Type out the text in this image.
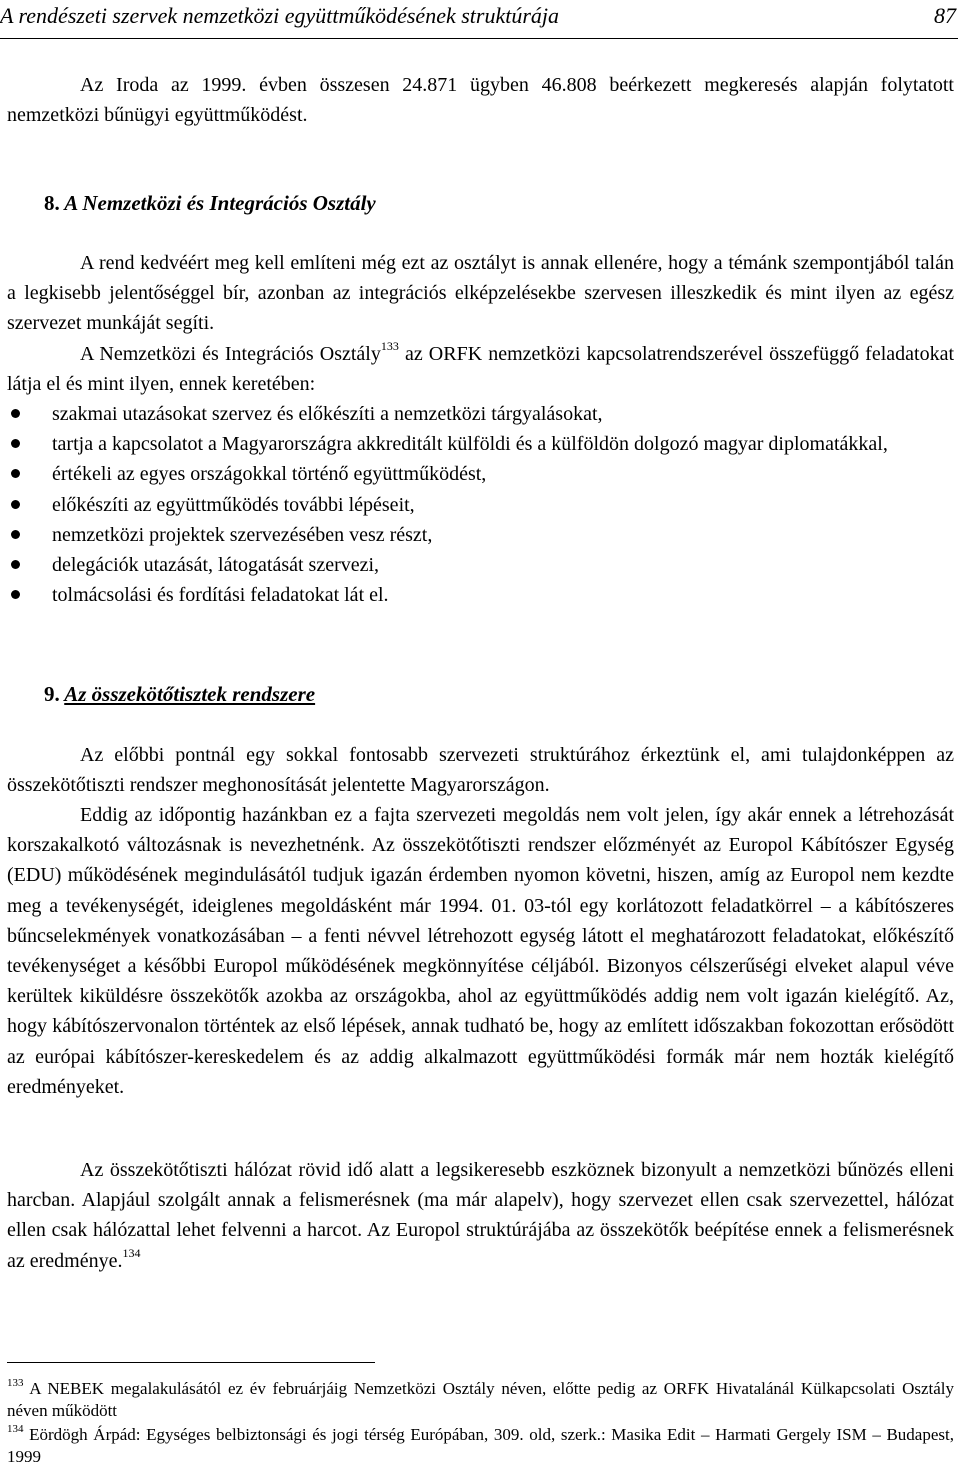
A rendészeti szervek nemzetközi együttműködésének struktúrája	87

Az Iroda az 1999. évben összesen 24.871 ügyben 46.808 beérkezett megkeresés alapján folytatott nemzetközi bűnügyi együttműködést.

8. A Nemzetközi és Integrációs Osztály

A rend kedvéért meg kell említeni még ezt az osztályt is annak ellenére, hogy a témánk szempontjából talán a legkisebb jelentőséggel bír, azonban az integrációs elképzelésekbe szervesen illeszkedik és mint ilyen az egész szervezet munkáját segíti.

A Nemzetközi és Integrációs Osztály$^{133}$ az ORFK nemzetközi kapcsolatrendszerével összefüggő feladatokat látja el és mint ilyen, ennek keretében:

szakmai utazásokat szervez és előkészíti a nemzetközi tárgyalásokat,
tartja a kapcsolatot a Magyarországra akkreditált külföldi és a külföldön dolgozó magyar diplomatákkal,
értékeli az egyes országokkal történő együttműködést,
előkészíti az együttműködés további lépéseit,
nemzetközi projektek szervezésében vesz részt,
delegációk utazását, látogatását szervezi,
tolmácsolási és fordítási feladatokat lát el.

9. Az összekötőtisztek rendszere

Az előbbi pontnál egy sokkal fontosabb szervezeti struktúrához érkeztünk el, ami tulajdonképpen az összekötőtiszti rendszer meghonosítását jelentette Magyarországon.

Eddig az időpontig hazánkban ez a fajta szervezeti megoldás nem volt jelen, így akár ennek a létrehozását korszakalkotó változásnak is nevezhetnénk. Az összekötőtiszti rendszer előzményét az Europol Kábítószer Egység (EDU) működésének megindulásától tudjuk igazán érdemben nyomon követni, hiszen, amíg az Europol nem kezdte meg a tevékenységét, ideiglenes megoldásként már 1994. 01. 03-tól egy korlátozott feladatkörrel – a kábítószeres bűncselekmények vonatkozásában – a fenti névvel létrehozott egység látott el meghatározott feladatokat, előkészítő tevékenységet a későbbi Europol működésének megkönnyítése céljából. Bizonyos célszerűségi elveket alapul véve kerültek kiküldésre összekötők azokba az országokba, ahol az együttműködés addig nem volt igazán kielégítő. Az, hogy kábítószervonalon történtek az első lépések, annak tudható be, hogy az említett időszakban fokozottan erősödött az európai kábítószer-kereskedelem és az addig alkalmazott együttműködési formák már nem hozták kielégítő eredményeket.

Az összekötőtiszti hálózat rövid idő alatt a legsikeresebb eszköznek bizonyult a nemzetközi bűnözés elleni harcban. Alapjául szolgált annak a felismerésnek (ma már alapelv), hogy szervezet ellen csak szervezettel, hálózat ellen csak hálózattal lehet felvenni a harcot. Az Europol struktúrájába az összekötők beépítése ennek a felismerésnek az eredménye.$^{134}$

$^{133}$ A NEBEK megalakulásától ez év februárjáig Nemzetközi Osztály néven, előtte pedig az ORFK Hivatalánál Külkapcsolati Osztály néven működött

$^{134}$ Eördögh Árpád: Egységes belbiztonsági és jogi térség Európában, 309. old, szerk.: Masika Edit – Harmati Gergely ISM – Budapest, 1999
